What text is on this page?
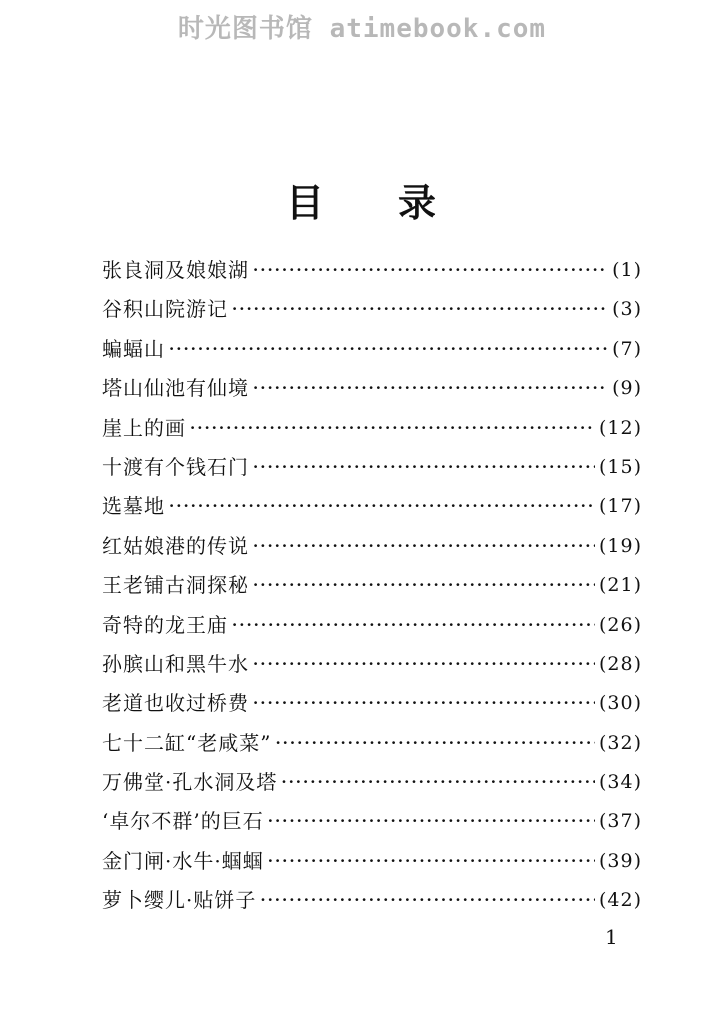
时光图书馆 atimebook.com
目 录
张良洞及娘娘湖 ·····	(1)
谷积山院游记 ·····	(3)
蝙蝠山 ·····	(7)
塔山仙池有仙境 ·····	(9)
崖上的画 ·····	(12)
十渡有个钱石门 ·····	(15)
选墓地 ·····	(17)
红姑娘港的传说 ·····	(19)
王老铺古洞探秘 ·····	(21)
奇特的龙王庙 ·····	(26)
孙膑山和黑牛水 ·····	(28)
老道也收过桥费 ·····	(30)
七十二缸“老咸菜” ·····	(32)
万佛堂·孔水洞及塔 ·····	(34)
‘卓尔不群’的巨石 ·····	(37)
金门闸·水牛·蝈蝈 ·····	(39)
萝卜缨儿·贴饼子 ·····	(42)
1
